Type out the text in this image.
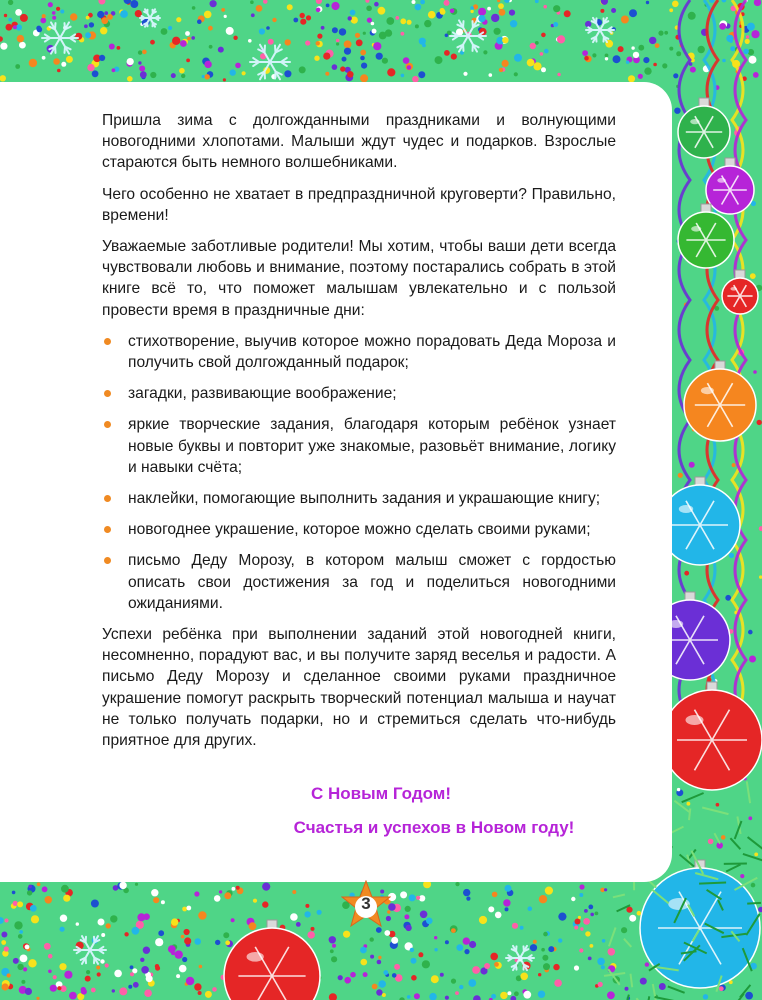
Пришла зима с долгожданными праздниками и волнующими новогодними хлопотами. Малыши ждут чудес и подарков. Взрослые стараются быть немного волшебниками.

Чего особенно не хватает в предпраздничной круговерти? Правильно, времени!

Уважаемые заботливые родители! Мы хотим, чтобы ваши дети всегда чувствовали любовь и внимание, поэтому постарались собрать в этой книге всё то, что поможет малышам увлекательно и с пользой провести время в праздничные дни:

стихотворение, выучив которое можно порадовать Деда Мороза и получить свой долгожданный подарок;
загадки, развивающие воображение;
яркие творческие задания, благодаря которым ребёнок узнает новые буквы и повторит уже знакомые, разовьёт внимание, логику и навыки счёта;
наклейки, помогающие выполнить задания и украшающие книгу;
новогоднее украшение, которое можно сделать своими руками;
письмо Деду Морозу, в котором малыш сможет с гордостью описать свои достижения за год и поделиться новогодними ожиданиями.

Успехи ребёнка при выполнении заданий этой новогодней книги, несомненно, порадуют вас, и вы получите заряд веселья и радости. А письмо Деду Морозу и сделанное своими руками праздничное украшение помогут раскрыть творческий потенциал малыша и научат не только получать подарки, но и стремиться сделать что-нибудь приятное для других.

С Новым Годом!
Счастья и успехов в Новом году!
3
